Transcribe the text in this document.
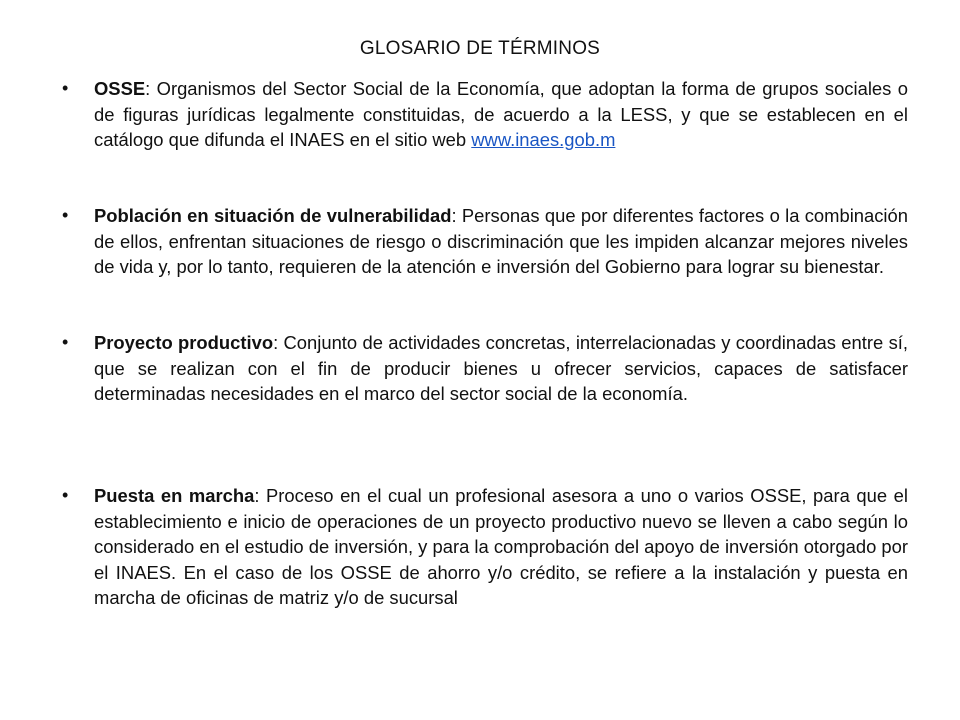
GLOSARIO DE TÉRMINOS
• OSSE: Organismos del Sector Social de la Economía, que adoptan la forma de grupos sociales o de figuras jurídicas legalmente constituidas, de acuerdo a la LESS, y que se establecen en el catálogo que difunda el INAES en el sitio web www.inaes.gob.m
• Población en situación de vulnerabilidad: Personas que por diferentes factores o la combinación de ellos, enfrentan situaciones de riesgo o discriminación que les impiden alcanzar mejores niveles de vida y, por lo tanto, requieren de la atención e inversión del Gobierno para lograr su bienestar.
• Proyecto productivo: Conjunto de actividades concretas, interrelacionadas y coordinadas entre sí, que se realizan con el fin de producir bienes u ofrecer servicios, capaces de satisfacer determinadas necesidades en el marco del sector social de la economía.
• Puesta en marcha: Proceso en el cual un profesional asesora a uno o varios OSSE, para que el establecimiento e inicio de operaciones de un proyecto productivo nuevo se lleven a cabo según lo considerado en el estudio de inversión, y para la comprobación del apoyo de inversión otorgado por el INAES. En el caso de los OSSE de ahorro y/o crédito, se refiere a la instalación y puesta en marcha de oficinas de matriz y/o de sucursal
